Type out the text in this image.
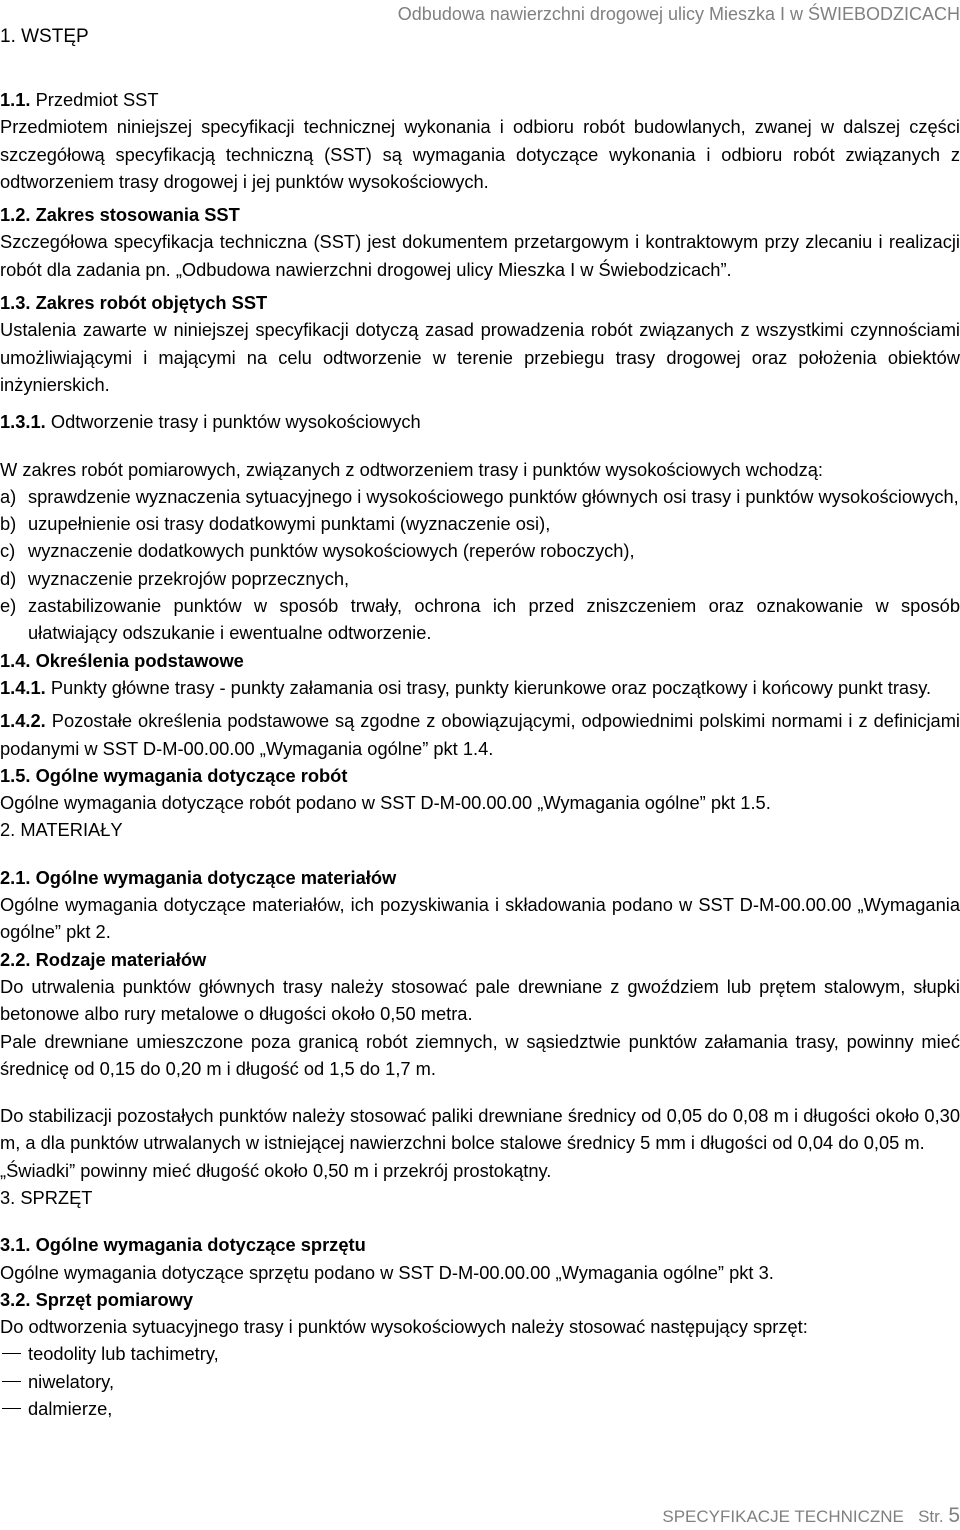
Odbudowa nawierzchni drogowej ulicy Mieszka I w ŚWIEBODZICACH
1. WSTĘP

1.1. Przedmiot SST

Przedmiotem niniejszej specyfikacji technicznej wykonania i odbioru robót budowlanych, zwanej w dalszej części szczegółową specyfikacją techniczną (SST) są wymagania dotyczące wykonania i odbioru robót związanych z odtworzeniem trasy drogowej i jej punktów wysokościowych.

1.2. Zakres stosowania SST

Szczegółowa specyfikacja techniczna (SST) jest dokumentem przetargowym i kontraktowym przy zlecaniu i realizacji robót dla zadania pn. „Odbudowa nawierzchni drogowej ulicy Mieszka I w Świebodzicach”.

1.3. Zakres robót objętych SST

Ustalenia zawarte w niniejszej specyfikacji dotyczą zasad prowadzenia robót związanych z wszystkimi czynnościami umożliwiającymi i mającymi na celu odtworzenie w terenie przebiegu trasy drogowej oraz położenia obiektów inżynierskich.

1.3.1. Odtworzenie trasy i punktów wysokościowych

W zakres robót pomiarowych, związanych z odtworzeniem trasy i punktów wysokościowych wchodzą:

a) sprawdzenie wyznaczenia sytuacyjnego i wysokościowego punktów głównych osi trasy i punktów wysokościowych,
b) uzupełnienie osi trasy dodatkowymi punktami (wyznaczenie osi),
c) wyznaczenie dodatkowych punktów wysokościowych (reperów roboczych),
d) wyznaczenie przekrojów poprzecznych,
e) zastabilizowanie punktów w sposób trwały, ochrona ich przed zniszczeniem oraz oznakowanie w sposób ułatwiający odszukanie i ewentualne odtworzenie.

1.4. Określenia podstawowe

1.4.1. Punkty główne trasy - punkty załamania osi trasy, punkty kierunkowe oraz początkowy i końcowy punkt trasy.

1.4.2. Pozostałe określenia podstawowe są zgodne z obowiązującymi, odpowiednimi polskimi normami i z definicjami podanymi w SST D-M-00.00.00 „Wymagania ogólne” pkt 1.4.

1.5. Ogólne wymagania dotyczące robót

Ogólne wymagania dotyczące robót podano w SST D-M-00.00.00 „Wymagania ogólne” pkt 1.5.

2. MATERIAŁY

2.1. Ogólne wymagania dotyczące materiałów

Ogólne wymagania dotyczące materiałów, ich pozyskiwania i składowania podano w SST D-M-00.00.00 „Wymagania ogólne” pkt 2.

2.2. Rodzaje materiałów

Do utrwalenia punktów głównych trasy należy stosować pale drewniane z gwoździem lub prętem stalowym, słupki betonowe albo rury metalowe o długości około 0,50 metra.

Pale drewniane umieszczone poza granicą robót ziemnych, w sąsiedztwie punktów załamania trasy, powinny mieć średnicę od 0,15 do 0,20 m i długość od 1,5 do 1,7 m.

Do stabilizacji pozostałych punktów należy stosować paliki drewniane średnicy od 0,05 do 0,08 m i długości około 0,30 m, a dla punktów utrwalanych w istniejącej nawierzchni bolce stalowe średnicy 5 mm i długości od 0,04 do 0,05 m.

„Świadki” powinny mieć długość około 0,50 m i przekrój prostokątny.

3. SPRZĘT

3.1. Ogólne wymagania dotyczące sprzętu

Ogólne wymagania dotyczące sprzętu podano w SST D-M-00.00.00 „Wymagania ogólne” pkt 3.

3.2. Sprzęt pomiarowy

Do odtworzenia sytuacyjnego trasy i punktów wysokościowych należy stosować następujący sprzęt:

teodolity lub tachimetry,
niwelatory,
dalmierze,
SPECYFIKACJE TECHNICZNE Str. 5
